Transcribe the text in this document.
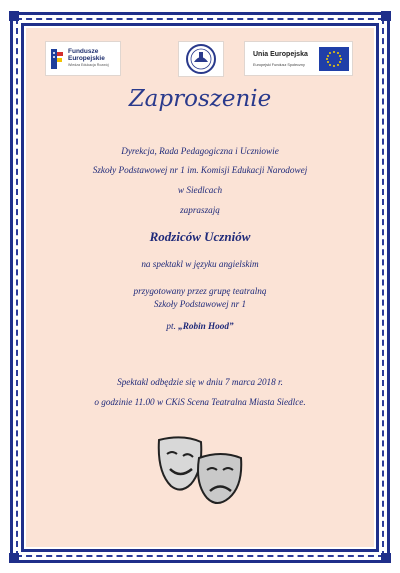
Fundusze
Europejskie
Wiedza Edukacja Rozwój
Unia Europejska
Europejski Fundusz Społeczny
Zaproszenie
Dyrekcja, Rada Pedagogiczna i Uczniowie
Szkoły Podstawowej nr 1 im. Komisji Edukacji Narodowej
w Siedlcach
zapraszają
Rodziców Uczniów
na spektakl w języku angielskim
przygotowany przez grupę teatralną
Szkoły Podstawowej nr 1
pt. „Robin Hood”
Spektakl odbędzie się w dniu 7 marca 2018 r.
o godzinie 11.00 w CKiS Scena Teatralna Miasta Siedlce.
